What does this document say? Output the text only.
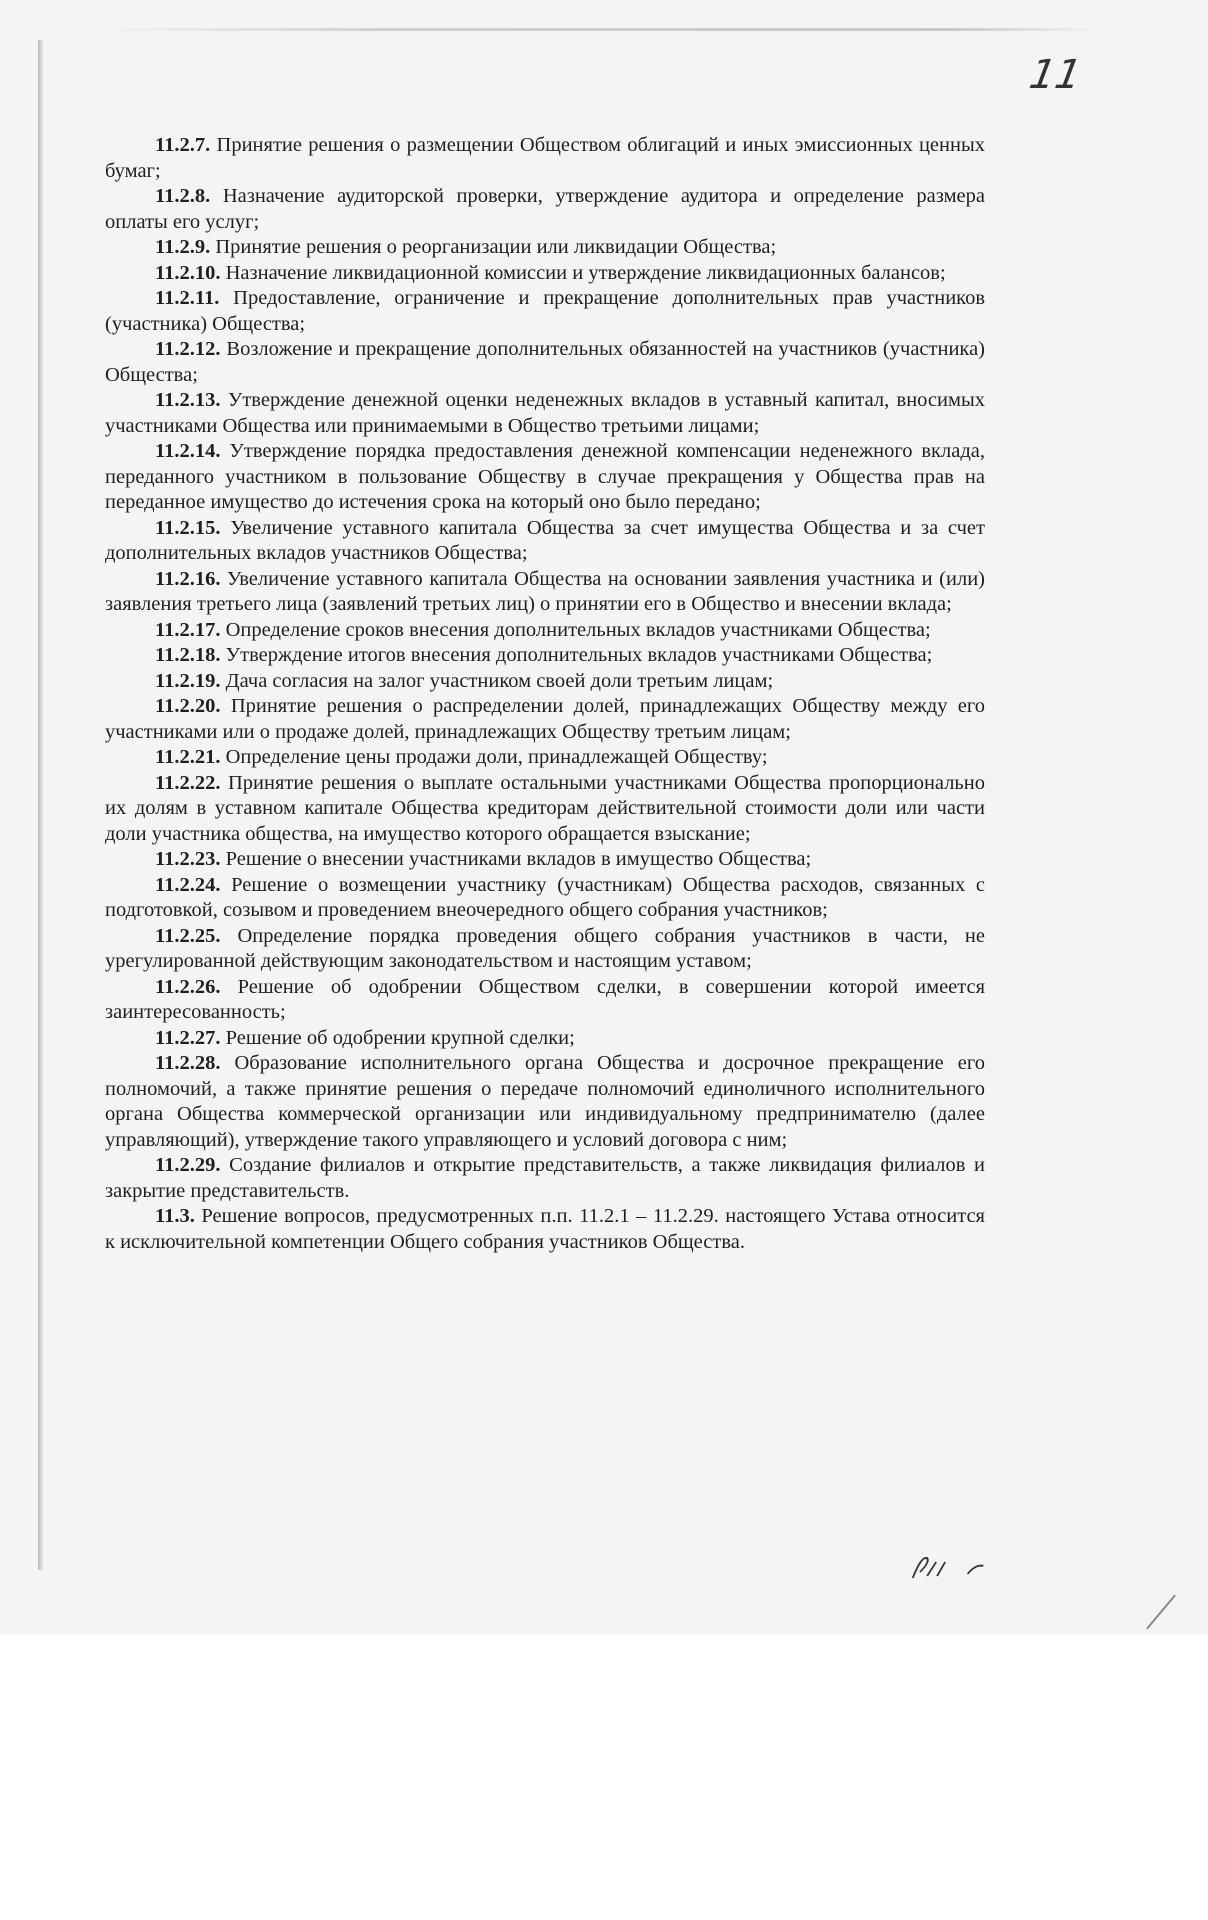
11

11.2.7. Принятие решения о размещении Обществом облигаций и иных эмиссионных ценных бумаг;

11.2.8. Назначение аудиторской проверки, утверждение аудитора и определение размера оплаты его услуг;

11.2.9. Принятие решения о реорганизации или ликвидации Общества;

11.2.10. Назначение ликвидационной комиссии и утверждение ликвидационных балансов;

11.2.11. Предоставление, ограничение и прекращение дополнительных прав участников (участника) Общества;

11.2.12. Возложение и прекращение дополнительных обязанностей на участников (участника) Общества;

11.2.13. Утверждение денежной оценки неденежных вкладов в уставный капитал, вносимых участниками Общества или принимаемыми в Общество третьими лицами;

11.2.14. Утверждение порядка предоставления денежной компенсации неденежного вклада, переданного участником в пользование Обществу в случае прекращения у Общества прав на переданное имущество до истечения срока на который оно было передано;

11.2.15. Увеличение уставного капитала Общества за счет имущества Общества и за счет дополнительных вкладов участников Общества;

11.2.16. Увеличение уставного капитала Общества на основании заявления участника и (или) заявления третьего лица (заявлений третьих лиц) о принятии его в Общество и внесении вклада;

11.2.17. Определение сроков внесения дополнительных вкладов участниками Общества;

11.2.18. Утверждение итогов внесения дополнительных вкладов участниками Общества;

11.2.19. Дача согласия на залог участником своей доли третьим лицам;

11.2.20. Принятие решения о распределении долей, принадлежащих Обществу между его участниками или о продаже долей, принадлежащих Обществу третьим лицам;

11.2.21. Определение цены продажи доли, принадлежащей Обществу;

11.2.22. Принятие решения о выплате остальными участниками Общества пропорционально их долям в уставном капитале Общества кредиторам действительной стоимости доли или части доли участника общества, на имущество которого обращается взыскание;

11.2.23. Решение о внесении участниками вкладов в имущество Общества;

11.2.24. Решение о возмещении участнику (участникам) Общества расходов, связанных с подготовкой, созывом и проведением внеочередного общего собрания участников;

11.2.25. Определение порядка проведения общего собрания участников в части, не урегулированной действующим законодательством и настоящим уставом;

11.2.26. Решение об одобрении Обществом сделки, в совершении которой имеется заинтересованность;

11.2.27. Решение об одобрении крупной сделки;

11.2.28. Образование исполнительного органа Общества и досрочное прекращение его полномочий, а также принятие решения о передаче полномочий единоличного исполнительного органа Общества коммерческой организации или индивидуальному предпринимателю (далее управляющий), утверждение такого управляющего и условий договора с ним;

11.2.29. Создание филиалов и открытие представительств, а также ликвидация филиалов и закрытие представительств.

11.3. Решение вопросов, предусмотренных п.п. 11.2.1 – 11.2.29. настоящего Устава относится к исключительной компетенции Общего собрания участников Общества.
